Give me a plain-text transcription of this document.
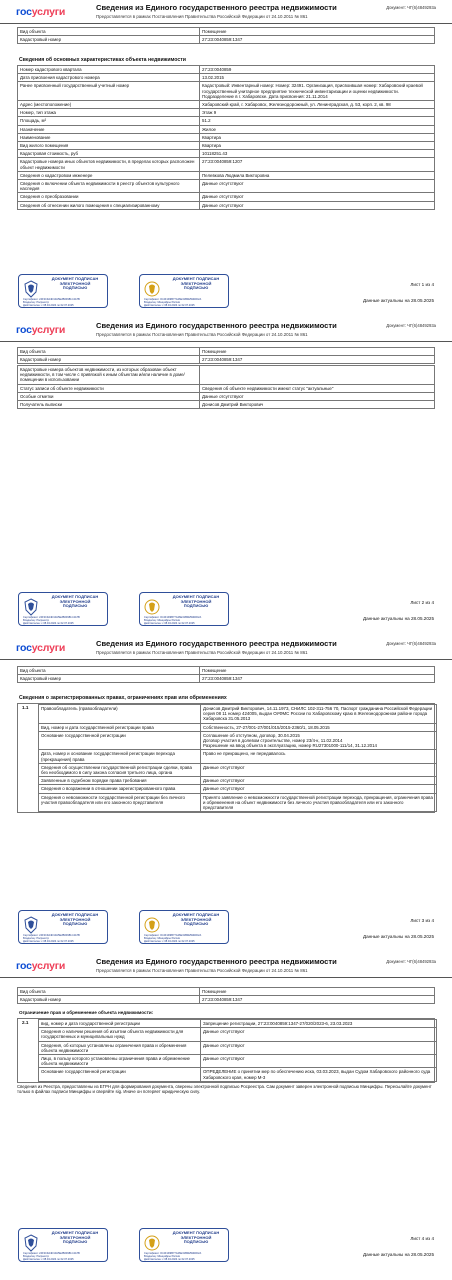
госуслуги	Сведения из Единого государственного реестра недвижимости
Предоставляется в рамках Постановления Правительства Российской Федерации от 24.10.2011 № 861
Документ: ЧГ(6)4849293а
Вид объекта	Помещение
Кадастровый номер	27:23:0040859:1347
Сведения об основных характеристиках объекта недвижимости
Номер кадастрового квартала	27:23:0040859
Дата присвоения кадастрового номера	13.02.2015
Ранее присвоенный государственный учетный номер	Кадастровый: Инвентарный номер: Номер: 32491. Организация, присвоившая номер: Хабаровский краевой государственный унитарное предприятие технической инвентаризации и оценки недвижимости. Подразделение в г. Хабаровске. Дата присвоения: 21.11.2014
Адрес (местоположение)	Хабаровский край, г. Хабаровск, Железнодорожный, ул. Ленинградская, д. 53, корп. 2, кв. 98
Номер, тип этажа	Этаж 9
Площадь, м²	51.2
Назначение	Жилое
Наименование	Квартира
Вид жилого помещения	Квартира
Кадастровая стоимость, руб	10118251.43
Кадастровые номера иных объектов недвижимости, в пределах которых расположен объект недвижимости	27:23:0040859:1207
Сведения о кадастровом инженере	Пелевкова Людмила Викторовна
Сведения о включении объекта недвижимости в реестр объектов культурного наследия	Данные отсутствуют
Сведения о преобразовании	Данные отсутствуют
Сведения об отнесении жилого помещения к специализированному	Данные отсутствуют
ДОКУМЕНТ ПОДПИСАН ЭЛЕКТРОННОЙ ПОДПИСЬЮ
Сертификат: 24F3C9A4D13A5E2B00981C4A7B
Владелец: Росреестр
Действителен: с 08.04.2024 по 02.07.2025
ДОКУМЕНТ ПОДПИСАН ЭЛЕКТРОННОЙ ПОДПИСЬЮ
Сертификат: 0C4F1D9B77A26E31B0E594DD2A
Владелец: Минцифры России
Действителен: с 08.04.2024 по 02.07.2025
Лист 1 из 4
Данные актуальны на 28.05.2025
госуслуги	Сведения из Единого государственного реестра недвижимости
Предоставляется в рамках Постановления Правительства Российской Федерации от 24.10.2011 № 861
Документ: ЧГ(6)4849293а
Вид объекта	Помещение
Кадастровый номер	27:23:0040859:1347
Кадастровые номера объектов недвижимости, из которых образован объект недвижимости, в том числе с привязкой к иным объектам и/или наличие в доме/помещении в использовании	
Статус записи об объекте недвижимости	Сведения об объекте недвижимости имеют статус "актуальные"
Особые отметки	Данные отсутствуют
Получатель выписки	Донисов Дмитрий Викторович
ДОКУМЕНТ ПОДПИСАН ЭЛЕКТРОННОЙ ПОДПИСЬЮ
Сертификат: 24F3C9A4D13A5E2B00981C4A7B
Владелец: Росреестр
Действителен: с 08.04.2024 по 02.07.2025
ДОКУМЕНТ ПОДПИСАН ЭЛЕКТРОННОЙ ПОДПИСЬЮ
Сертификат: 0C4F1D9B77A26E31B0E594DD2A
Владелец: Минцифры России
Действителен: с 08.04.2024 по 02.07.2025
Лист 2 из 4
Данные актуальны на 28.05.2025
госуслуги	Сведения из Единого государственного реестра недвижимости
Предоставляется в рамках Постановления Правительства Российской Федерации от 24.10.2011 № 861
Документ: ЧГ(6)4849293а
Вид объекта	Помещение
Кадастровый номер	27:23:0040859:1347
Сведения о зарегистрированных правах, ограничениях прав или обременениях
1.1	Правообладатель (правообладатели)	Донисов Дмитрий Викторович, 14.11.1973, СНИЛС 102-311-756 70, Паспорт гражданина Российской Федерации серия 08 11 номер 424005, выдан ОУФМС России по Хабаровскому краю в Железнодорожном районе города Хабаровска 31.05.2013
Вид, номер и дата государственной регистрации права	Собственность, 27-27/001-27/001/015/2015-2360/1, 18.05.2015
Основание государственной регистрации	Соглашение об отступном, договор, 30.04.2015
Договор участия в долевом строительстве, номер 23/4-к, 11.02.2014
Разрешение на ввод объекта в эксплуатацию, номер RU27301000-111/14, 31.12.2014
Дата, номер и основание государственной регистрации перехода (прекращения) права	Право не прекращено, не передавалось
Сведения об осуществлении государственной регистрации сделки, права без необходимого в силу закона согласия третьего лица, органа	Данные отсутствуют
Заявленные в судебном порядке права требования	Данные отсутствуют
Сведения о возражении в отношении зарегистрированного права	Данные отсутствуют
Сведения о невозможности государственной регистрации без личного участия правообладателя или его законного представителя	Принято заявление о невозможности государственной регистрации перехода, прекращения, ограничения права и обременения на объект недвижимости без личного участия правообладателя или его законного представителя
ДОКУМЕНТ ПОДПИСАН ЭЛЕКТРОННОЙ ПОДПИСЬЮ
Сертификат: 24F3C9A4D13A5E2B00981C4A7B
Владелец: Росреестр
Действителен: с 08.04.2024 по 02.07.2025
ДОКУМЕНТ ПОДПИСАН ЭЛЕКТРОННОЙ ПОДПИСЬЮ
Сертификат: 0C4F1D9B77A26E31B0E594DD2A
Владелец: Минцифры России
Действителен: с 08.04.2024 по 02.07.2025
Лист 3 из 4
Данные актуальны на 28.05.2025
госуслуги	Сведения из Единого государственного реестра недвижимости
Предоставляется в рамках Постановления Правительства Российской Федерации от 24.10.2011 № 861
Документ: ЧГ(6)4849293а
Вид объекта	Помещение
Кадастровый номер	27:23:0040859:1347
Ограничение прав и обременение объекта недвижимости:
2.1	вид, номер и дата государственной регистрации	Запрещение регистрации, 27:23:0040859:1347-27/020/2023-6, 23.03.2023
Сведения о наличии решения об изъятии объекта недвижимости для государственных и муниципальных нужд	Данные отсутствуют
Сведения, об которых установлены ограничения права и обременения объекта недвижимости	Данные отсутствуют
Лицо, в пользу которого установлены ограничения права и обременение объекта недвижимости	Данные отсутствуют
Основание государственной регистрации	ОПРЕДЕЛЕНИЕ о принятии мер по обеспечению иска, 03.03.2023, выдан Судом Хабаровского районного суда Хабаровского края, номер М-3
Сведения из Реестра, предоставлены из ЕГРН для формирования документа, сверены электронной подписью Росреестра. Сам документ заверен электронной подписью Минцифры. Пересылайте документ только в файлах подписи Минцифры и сверяйте sig. Иначе он потеряет юридическую силу.
ДОКУМЕНТ ПОДПИСАН ЭЛЕКТРОННОЙ ПОДПИСЬЮ
Сертификат: 24F3C9A4D13A5E2B00981C4A7B
Владелец: Росреестр
Действителен: с 08.04.2024 по 02.07.2025
ДОКУМЕНТ ПОДПИСАН ЭЛЕКТРОННОЙ ПОДПИСЬЮ
Сертификат: 0C4F1D9B77A26E31B0E594DD2A
Владелец: Минцифры России
Действителен: с 08.04.2024 по 02.07.2025
Лист 4 из 4
Данные актуальны на 28.05.2025
